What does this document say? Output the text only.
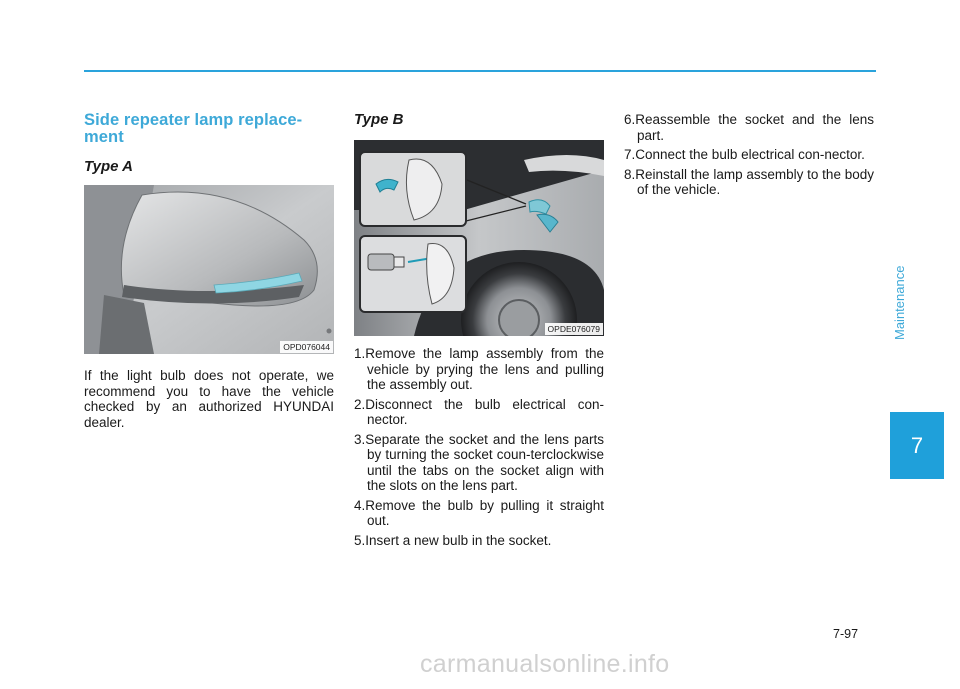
Side repeater lamp replace-
ment
Type A
OPD076044

If the light bulb does not operate, we recommend you to have the vehicle checked by an authorized HYUNDAI dealer.

Type B
OPDE076079
1.Remove the lamp assembly from the vehicle by prying the lens and pulling the assembly out.
2.Disconnect the bulb electrical con-nector.
3.Separate the socket and the lens parts by turning the socket coun-terclockwise until the tabs on the socket align with the slots on the lens part.
4.Remove the bulb by pulling it straight out.
5.Insert a new bulb in the socket.
6.Reassemble the socket and the lens part.
7.Connect the bulb electrical con-nector.
8.Reinstall the lamp assembly to the body of the vehicle.
Maintenance
7
7-97
carmanualsonline.info
